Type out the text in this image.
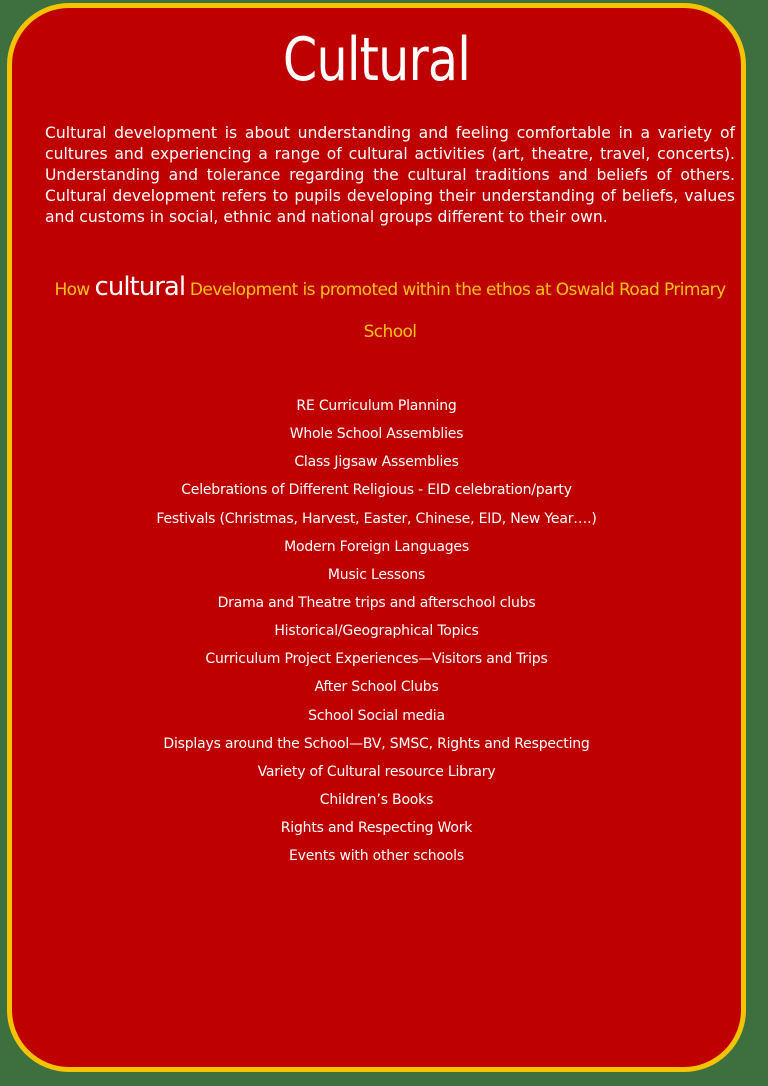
Cultural

Cultural development is about understanding and feeling comfortable in a variety of cultures and experiencing a range of cultural activities (art, theatre, travel, concerts). Understanding and tolerance regarding the cultural traditions and beliefs of others. Cultural development refers to pupils developing their understanding of beliefs, values and customs in social, ethnic and national groups different to their own.

How cultural Development is promoted within the ethos at Oswald Road Primary School

RE Curriculum Planning
Whole School Assemblies
Class Jigsaw Assemblies
Celebrations of Different Religious - EID celebration/party
Festivals (Christmas, Harvest, Easter, Chinese, EID, New Year….)
Modern Foreign Languages
Music Lessons
Drama and Theatre trips and afterschool clubs
Historical/Geographical Topics
Curriculum Project Experiences—Visitors and Trips
After School Clubs
School Social media
Displays around the School—BV, SMSC, Rights and Respecting
Variety of Cultural resource Library
Children’s Books
Rights and Respecting Work
Events with other schools
